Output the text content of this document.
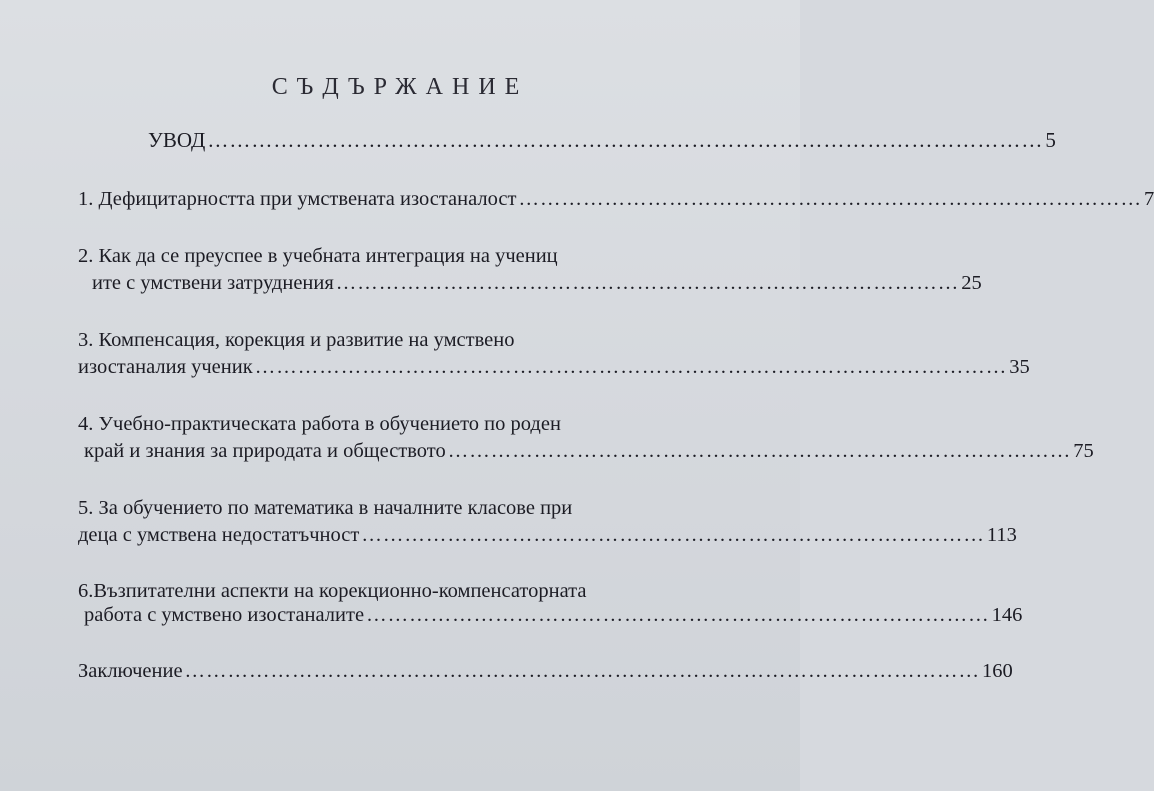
СЪДЪРЖАНИЕ
УВОД …………………………………………………………………………………………………… 5
1. Дефицитарността при умствената изостаналост …………………………………………………………………………… 7
2. Как да се преуспее в учебната интеграция на учениц
ите с умствени затруднения …………………………………………………………………………… 25
3. Компенсация, корекция и развитие на умствено
изостаналия ученик …………………………………………………………………………………………… 35
4. Учебно-практическата работа в обучението по роден
край и знания за природата и обществото …………………………………………………………………………… 75
5. За обучението по математика в началните класове при
деца с умствена недостатъчност …………………………………………………………………………… 113
6.Възпитателни аспекти на корекционно-компенсаторната
работа с умствено изостаналите …………………………………………………………………………… 146
Заключение ………………………………………………………………………………………………… 160
